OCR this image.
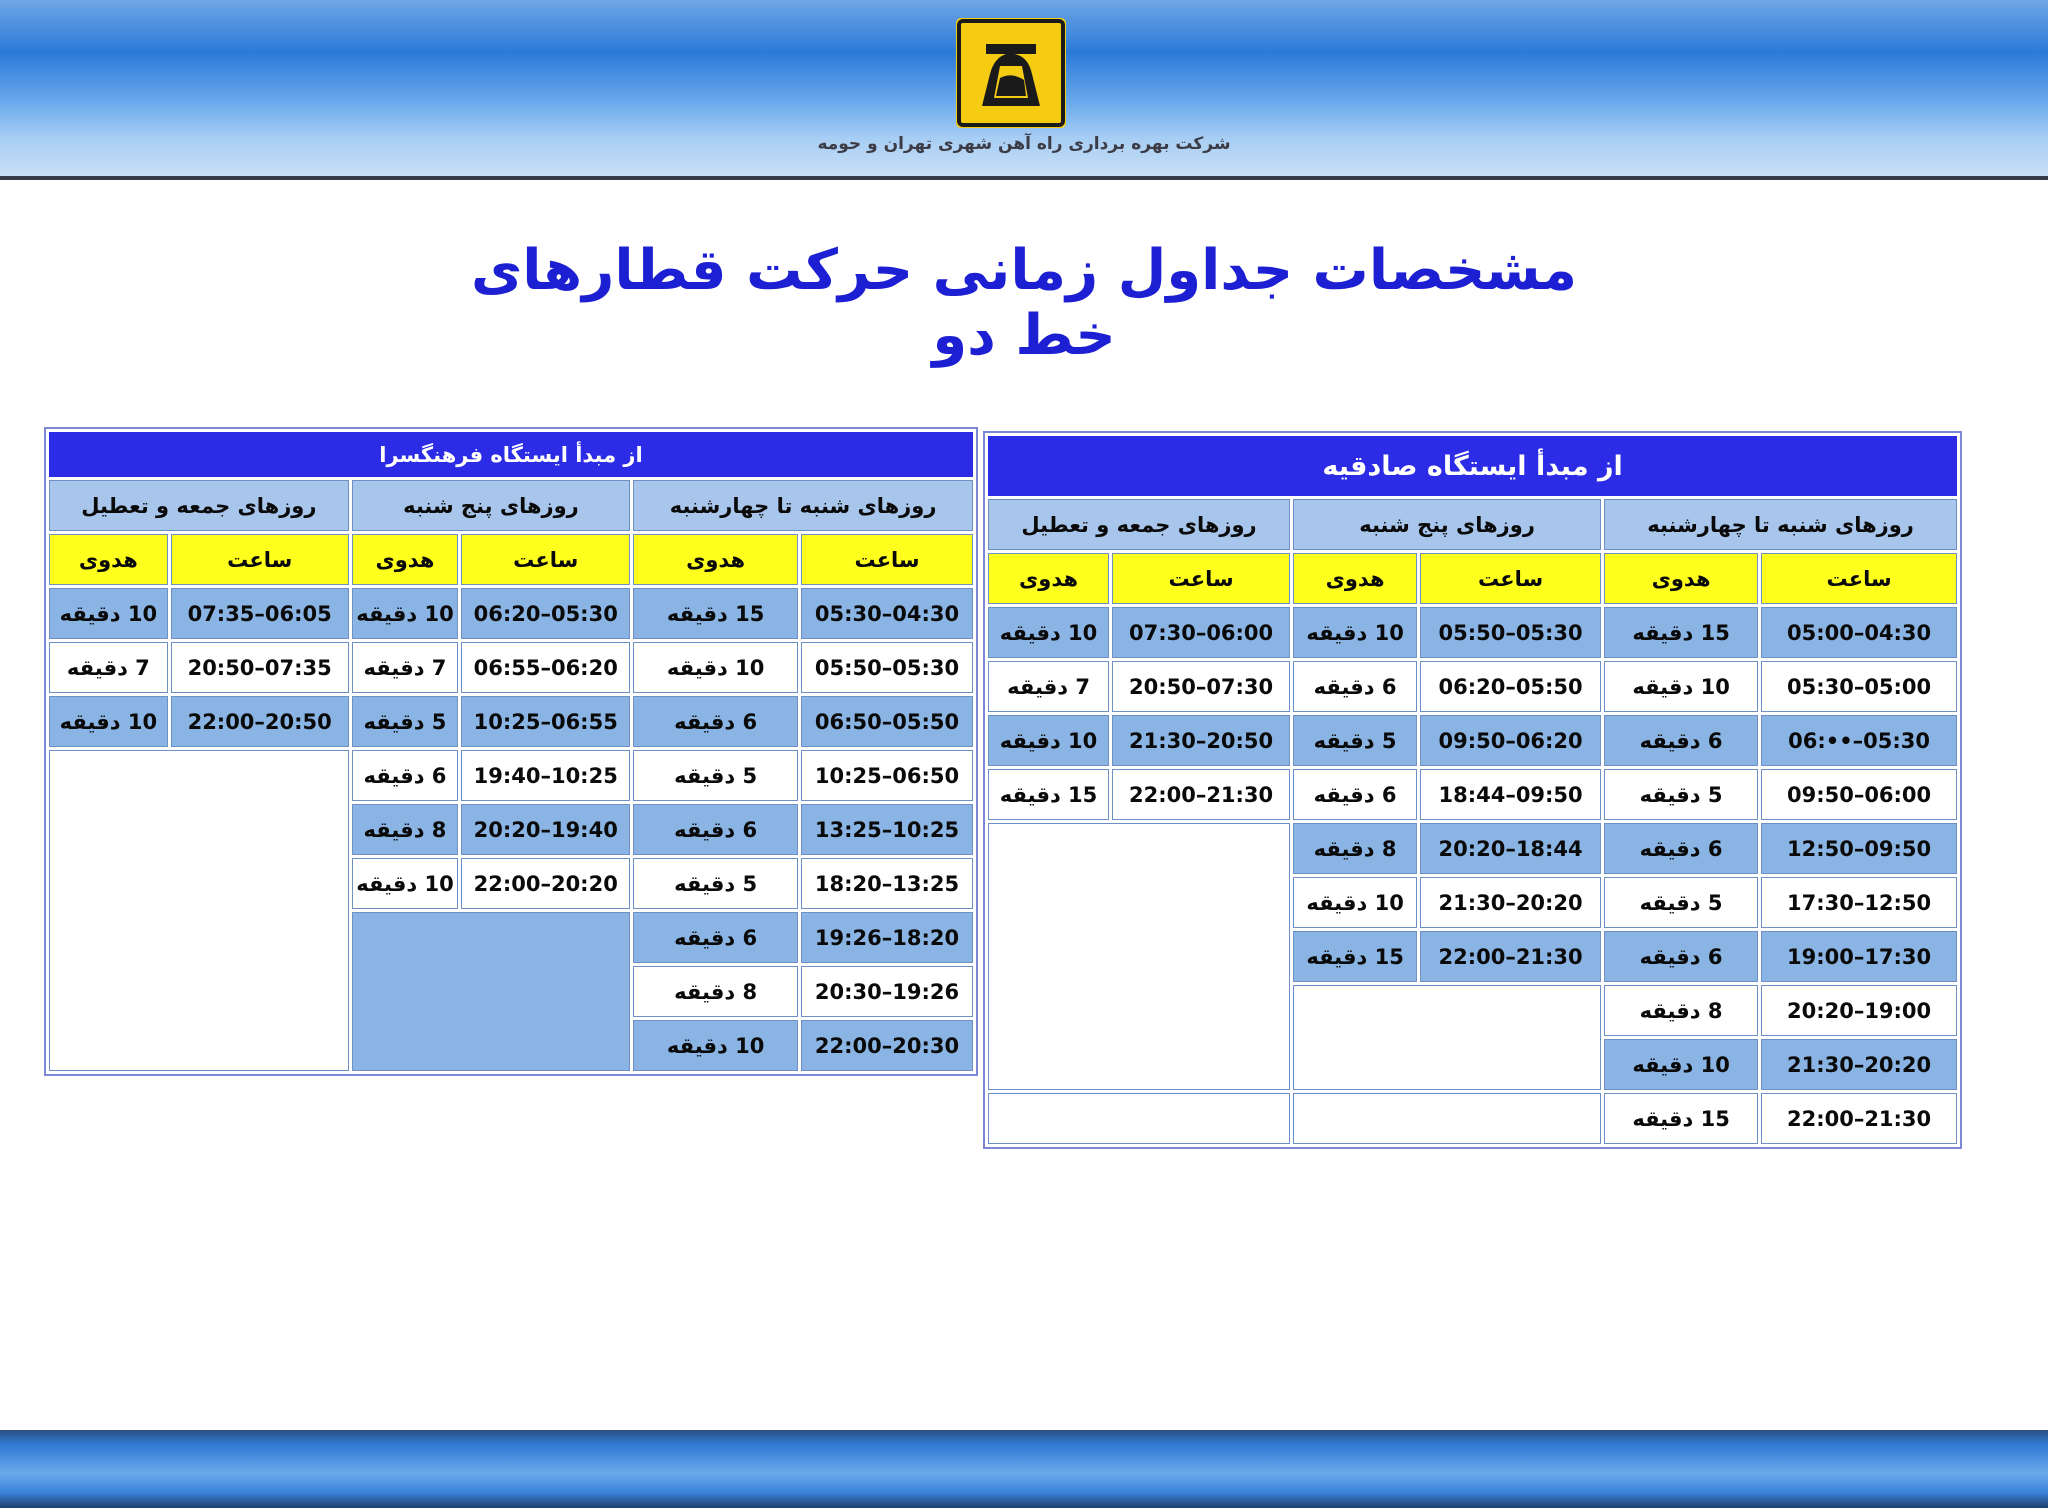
شرکت بهره برداری راه آهن شهری تهران و حومه
مشخصات جداول زمانی حرکت قطارهای خط دو
از مبدأ ایستگاه فرهنگسرا					
روزهای شنبه تا چهارشنبه		روزهای پنج شنبه		روزهای جمعه و تعطیل	
ساعت	هدوی	ساعت	هدوی	ساعت	هدوی
05:30–04:30	15 دقیقه	06:20–05:30	10 دقیقه	07:35–06:05	10 دقیقه
05:50–05:30	10 دقیقه	06:55–06:20	7 دقیقه	20:50–07:35	7 دقیقه
06:50–05:50	6 دقیقه	10:25–06:55	5 دقیقه	22:00–20:50	10 دقیقه
10:25–06:50	5 دقیقه	19:40–10:25	6 دقیقه		
13:25–10:25	6 دقیقه	20:20–19:40	8 دقیقه		
18:20–13:25	5 دقیقه	22:00–20:20	10 دقیقه		
19:26–18:20	6 دقیقه				
20:30–19:26	8 دقیقه				
22:00–20:30	10 دقیقه				
از مبدأ ایستگاه صادقیه					
روزهای شنبه تا چهارشنبه		روزهای پنج شنبه		روزهای جمعه و تعطیل	
ساعت	هدوی	ساعت	هدوی	ساعت	هدوی
05:00–04:30	15 دقیقه	05:50–05:30	10 دقیقه	07:30–06:00	10 دقیقه
05:30–05:00	10 دقیقه	06:20–05:50	6 دقیقه	20:50–07:30	7 دقیقه
06:••–05:30	6 دقیقه	09:50–06:20	5 دقیقه	21:30–20:50	10 دقیقه
09:50–06:00	5 دقیقه	18:44–09:50	6 دقیقه	22:00–21:30	15 دقیقه
12:50–09:50	6 دقیقه	20:20–18:44	8 دقیقه		
17:30–12:50	5 دقیقه	21:30–20:20	10 دقیقه		
19:00–17:30	6 دقیقه	22:00–21:30	15 دقیقه		
20:20–19:00	8 دقیقه				
21:30–20:20	10 دقیقه				
22:00–21:30	15 دقیقه				
